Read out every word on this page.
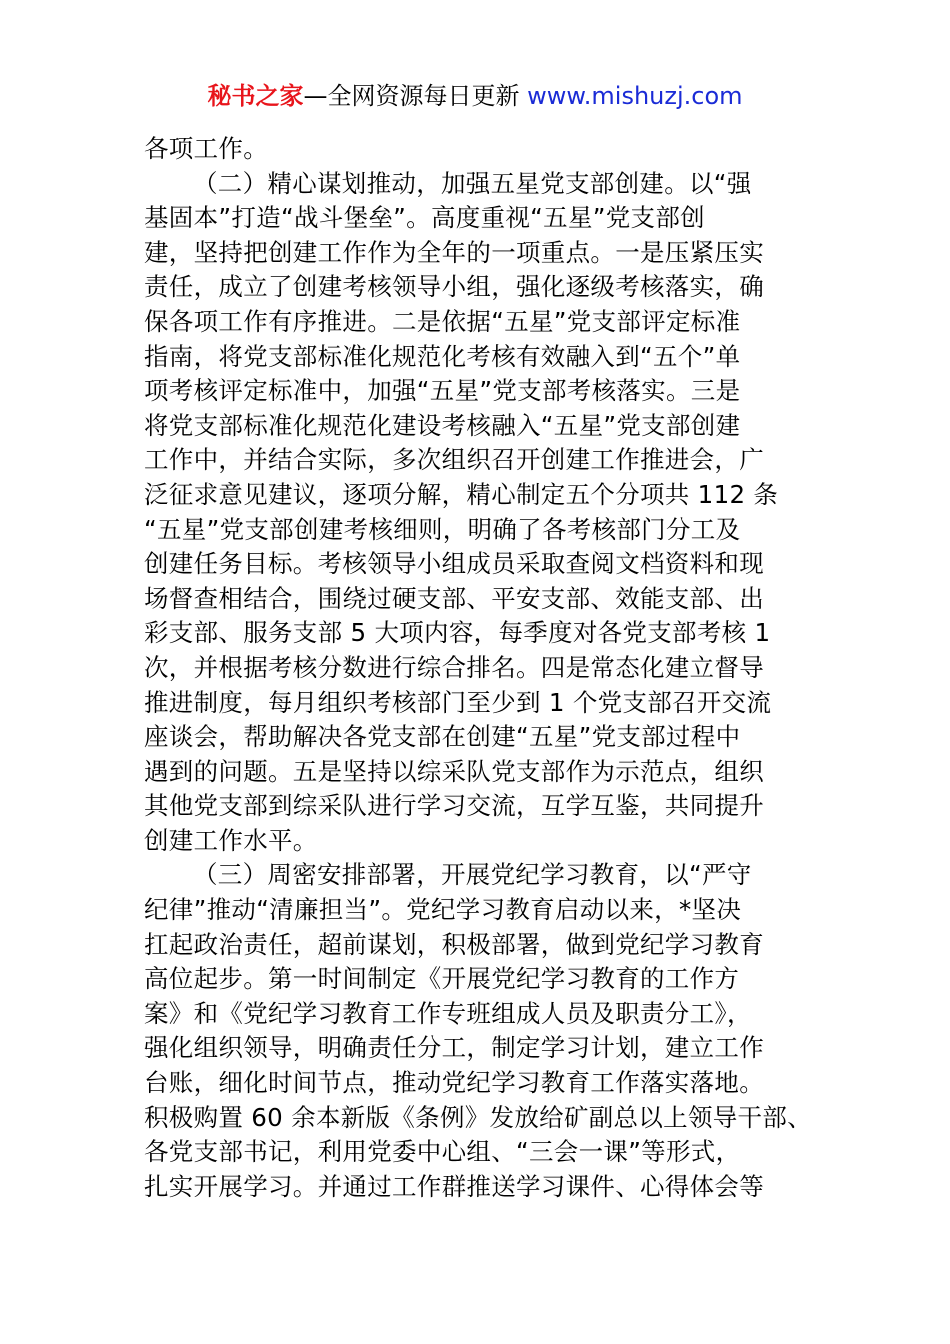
秘书之家—全网资源每日更新 www.mishuzj.com
各项工作。
（二）精心谋划推动，加强五星党支部创建。以“强
基固本”打造“战斗堡垒”。高度重视“五星”党支部创
建，坚持把创建工作作为全年的一项重点。一是压紧压实
责任，成立了创建考核领导小组，强化逐级考核落实，确
保各项工作有序推进。二是依据“五星”党支部评定标准
指南，将党支部标准化规范化考核有效融入到“五个”单
项考核评定标准中，加强“五星”党支部考核落实。三是
将党支部标准化规范化建设考核融入“五星”党支部创建
工作中，并结合实际，多次组织召开创建工作推进会，广
泛征求意见建议，逐项分解，精心制定五个分项共 112 条
“五星”党支部创建考核细则，明确了各考核部门分工及
创建任务目标。考核领导小组成员采取查阅文档资料和现
场督查相结合，围绕过硬支部、平安支部、效能支部、出
彩支部、服务支部 5 大项内容，每季度对各党支部考核 1
次，并根据考核分数进行综合排名。四是常态化建立督导
推进制度，每月组织考核部门至少到 1 个党支部召开交流
座谈会，帮助解决各党支部在创建“五星”党支部过程中
遇到的问题。五是坚持以综采队党支部作为示范点，组织
其他党支部到综采队进行学习交流，互学互鉴，共同提升
创建工作水平。
（三）周密安排部署，开展党纪学习教育，以“严守
纪律”推动“清廉担当”。党纪学习教育启动以来，*坚决
扛起政治责任，超前谋划，积极部署，做到党纪学习教育
高位起步。第一时间制定《开展党纪学习教育的工作方
案》和《党纪学习教育工作专班组成人员及职责分工》，
强化组织领导，明确责任分工，制定学习计划，建立工作
台账，细化时间节点，推动党纪学习教育工作落实落地。
积极购置 60 余本新版《条例》发放给矿副总以上领导干部、
各党支部书记，利用党委中心组、“三会一课”等形式，
扎实开展学习。并通过工作群推送学习课件、心得体会等
